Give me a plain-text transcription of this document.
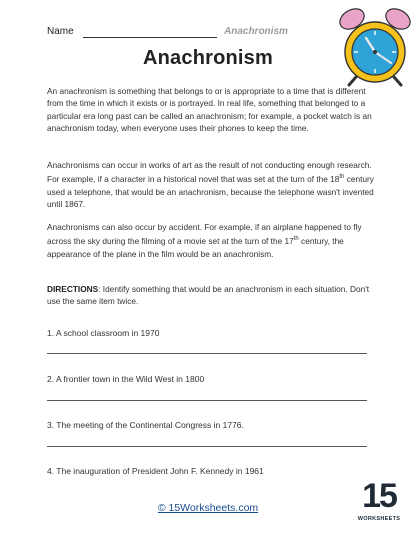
Name	Anachronism
Anachronism

An anachronism is something that belongs to or is appropriate to a time that is different from the time in which it exists or is portrayed. In real life, something that belonged to a particular era long past can be called an anachronism; for example, a pocket watch is an anachronism today, when everyone uses their phones to keep the time.

Anachronisms can occur in works of art as the result of not conducting enough research. For example, if a character in a historical novel that was set at the turn of the 18th century used a telephone, that would be an anachronism, because the telephone wasn't invented until 1867.

Anachronisms can also occur by accident. For example, if an airplane happened to fly across the sky during the filming of a movie set at the turn of the 17th century, the appearance of the plane in the film would be an anachronism.

DIRECTIONS: Identify something that would be an anachronism in each situation. Don't use the same item twice.

1. A school classroom in 1970
2. A frontier town in the Wild West in 1800
3. The meeting of the Continental Congress in 1776.
4. The inauguration of President John F. Kennedy in 1961
© 15Worksheets.com	15
WORKSHEETS
